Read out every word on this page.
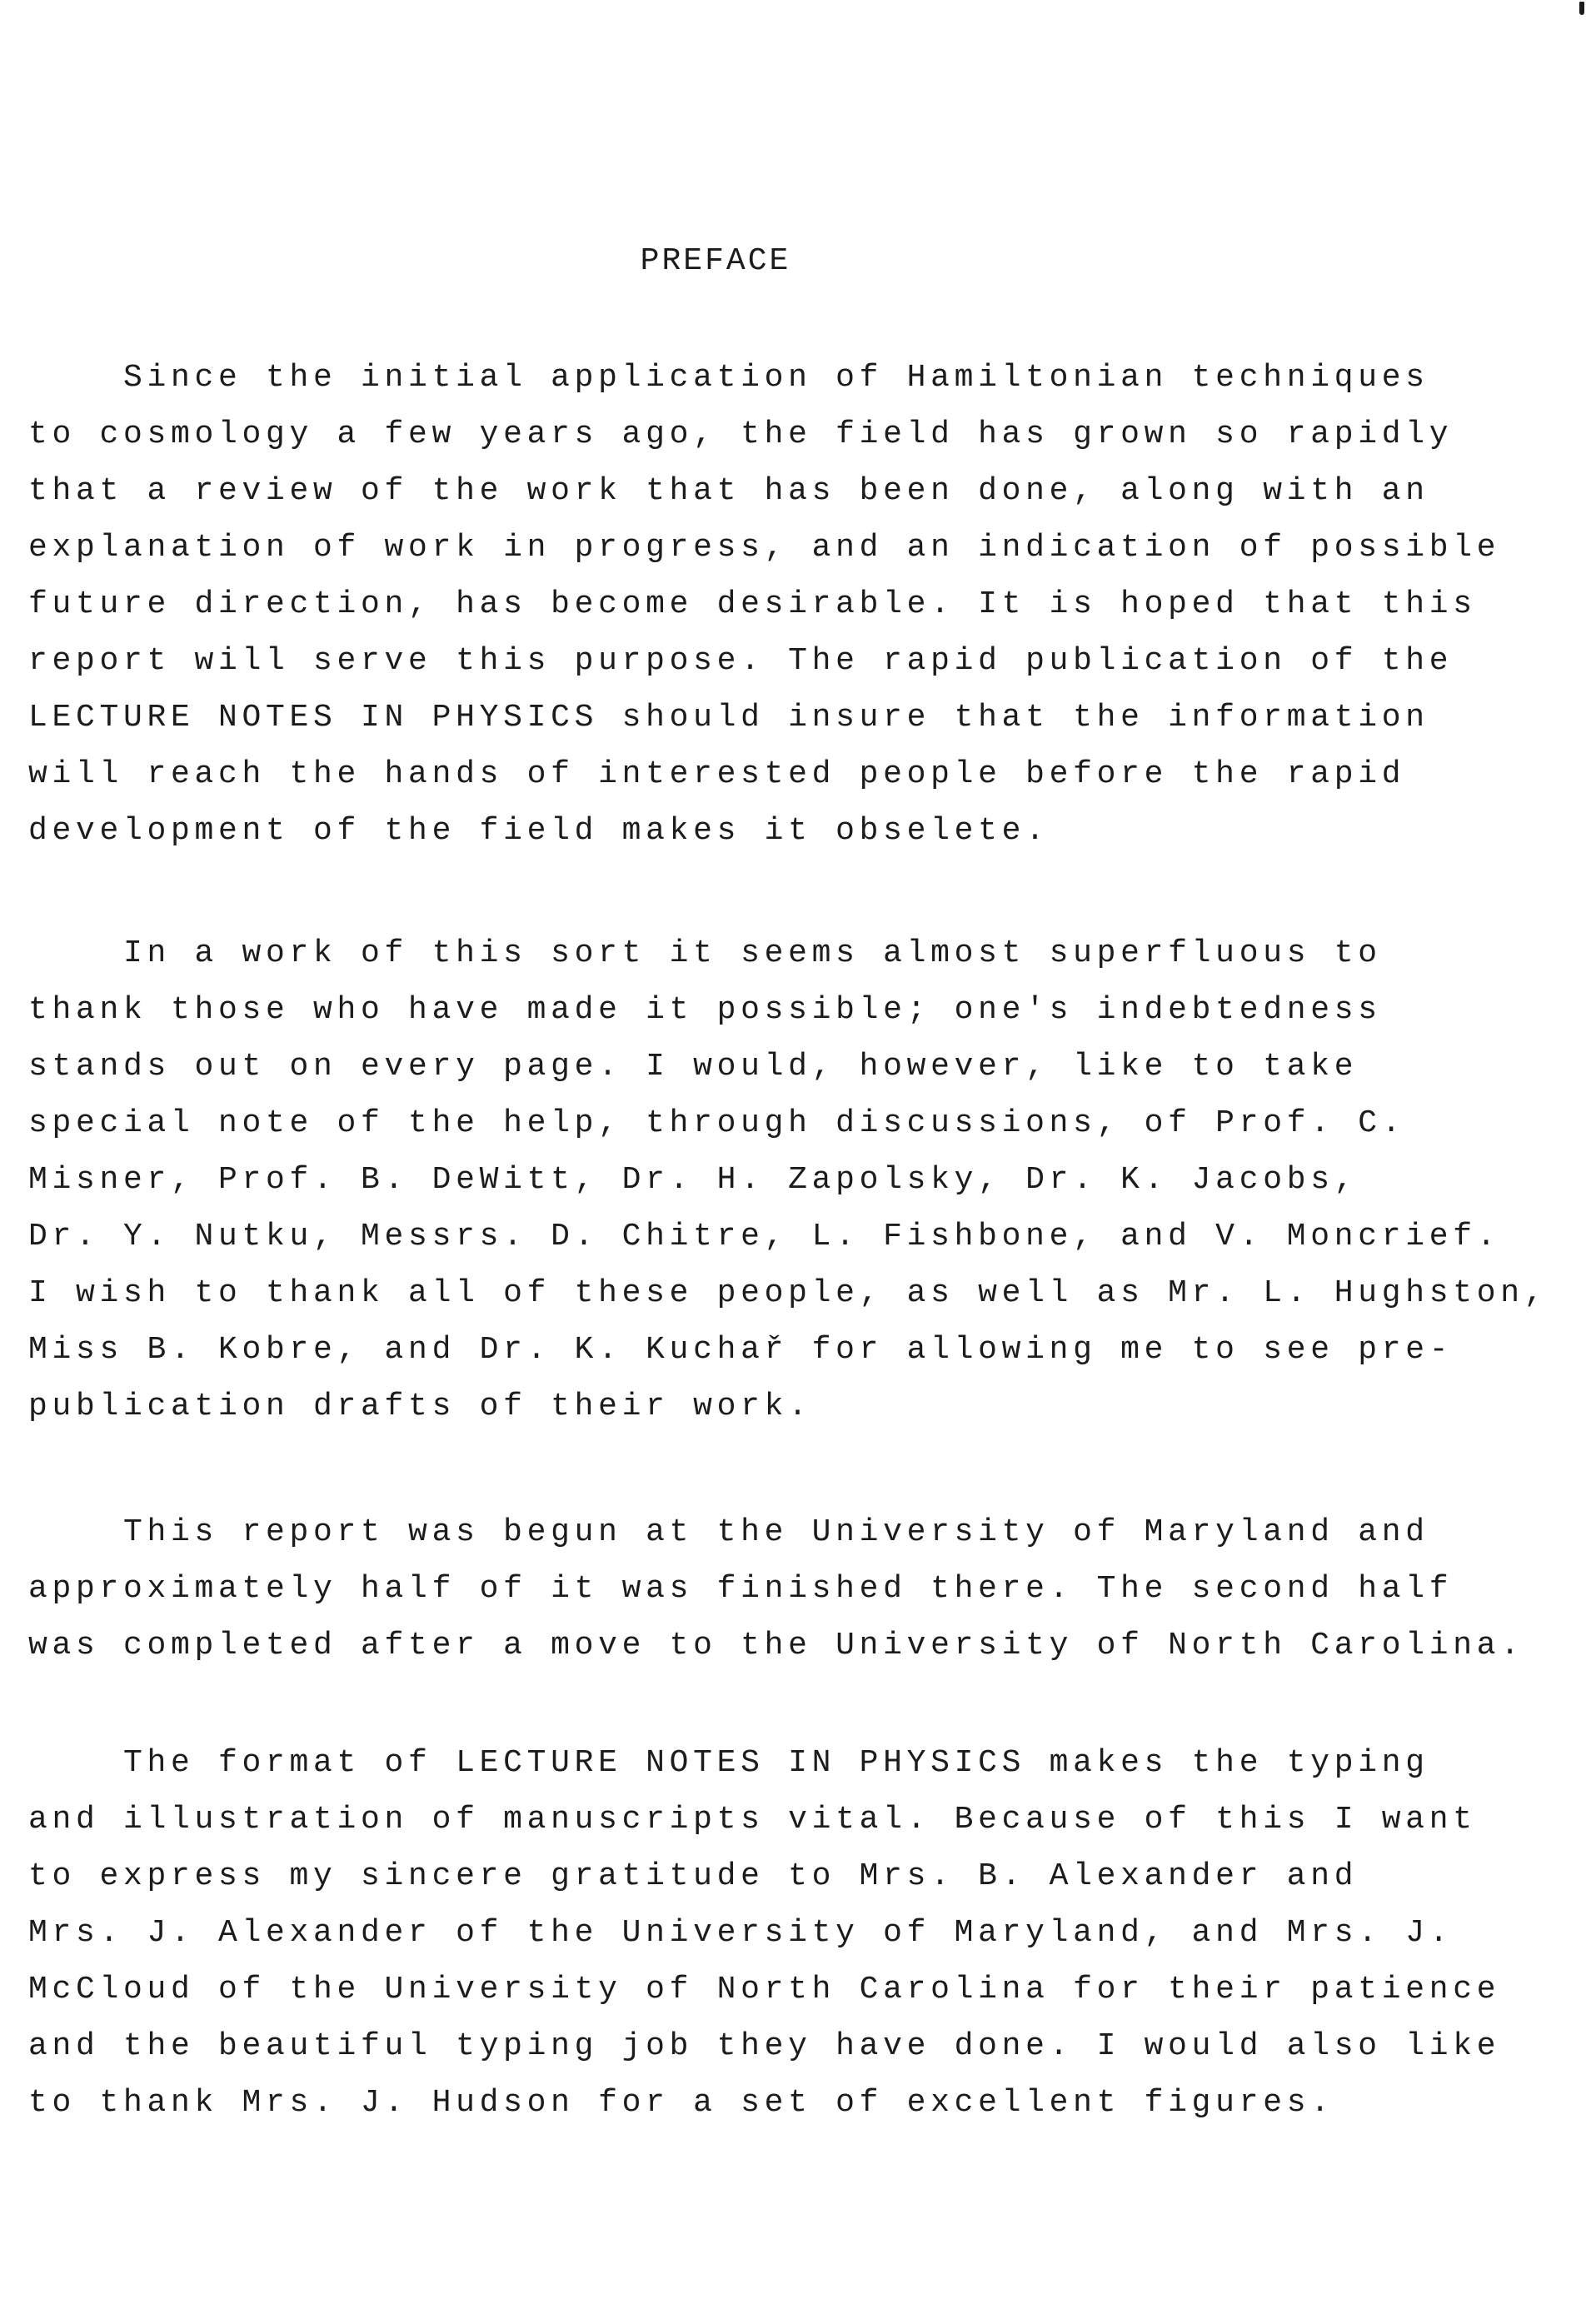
PREFACE
Since the initial application of Hamiltonian techniques
to cosmology a few years ago, the field has grown so rapidly
that a review of the work that has been done, along with an
explanation of work in progress, and an indication of possible
future direction, has become desirable. It is hoped that this
report will serve this purpose. The rapid publication of the
LECTURE NOTES IN PHYSICS should insure that the information
will reach the hands of interested people before the rapid
development of the field makes it obselete.
In a work of this sort it seems almost superfluous to
thank those who have made it possible; one's indebtedness
stands out on every page. I would, however, like to take
special note of the help, through discussions, of Prof. C.
Misner, Prof. B. DeWitt, Dr. H. Zapolsky, Dr. K. Jacobs,
Dr. Y. Nutku, Messrs. D. Chitre, L. Fishbone, and V. Moncrief.
I wish to thank all of these people, as well as Mr. L. Hughston,
Miss B. Kobre, and Dr. K. Kuchař for allowing me to see pre-
publication drafts of their work.
This report was begun at the University of Maryland and
approximately half of it was finished there. The second half
was completed after a move to the University of North Carolina.
The format of LECTURE NOTES IN PHYSICS makes the typing
and illustration of manuscripts vital. Because of this I want
to express my sincere gratitude to Mrs. B. Alexander and
Mrs. J. Alexander of the University of Maryland, and Mrs. J.
McCloud of the University of North Carolina for their patience
and the beautiful typing job they have done. I would also like
to thank Mrs. J. Hudson for a set of excellent figures.
